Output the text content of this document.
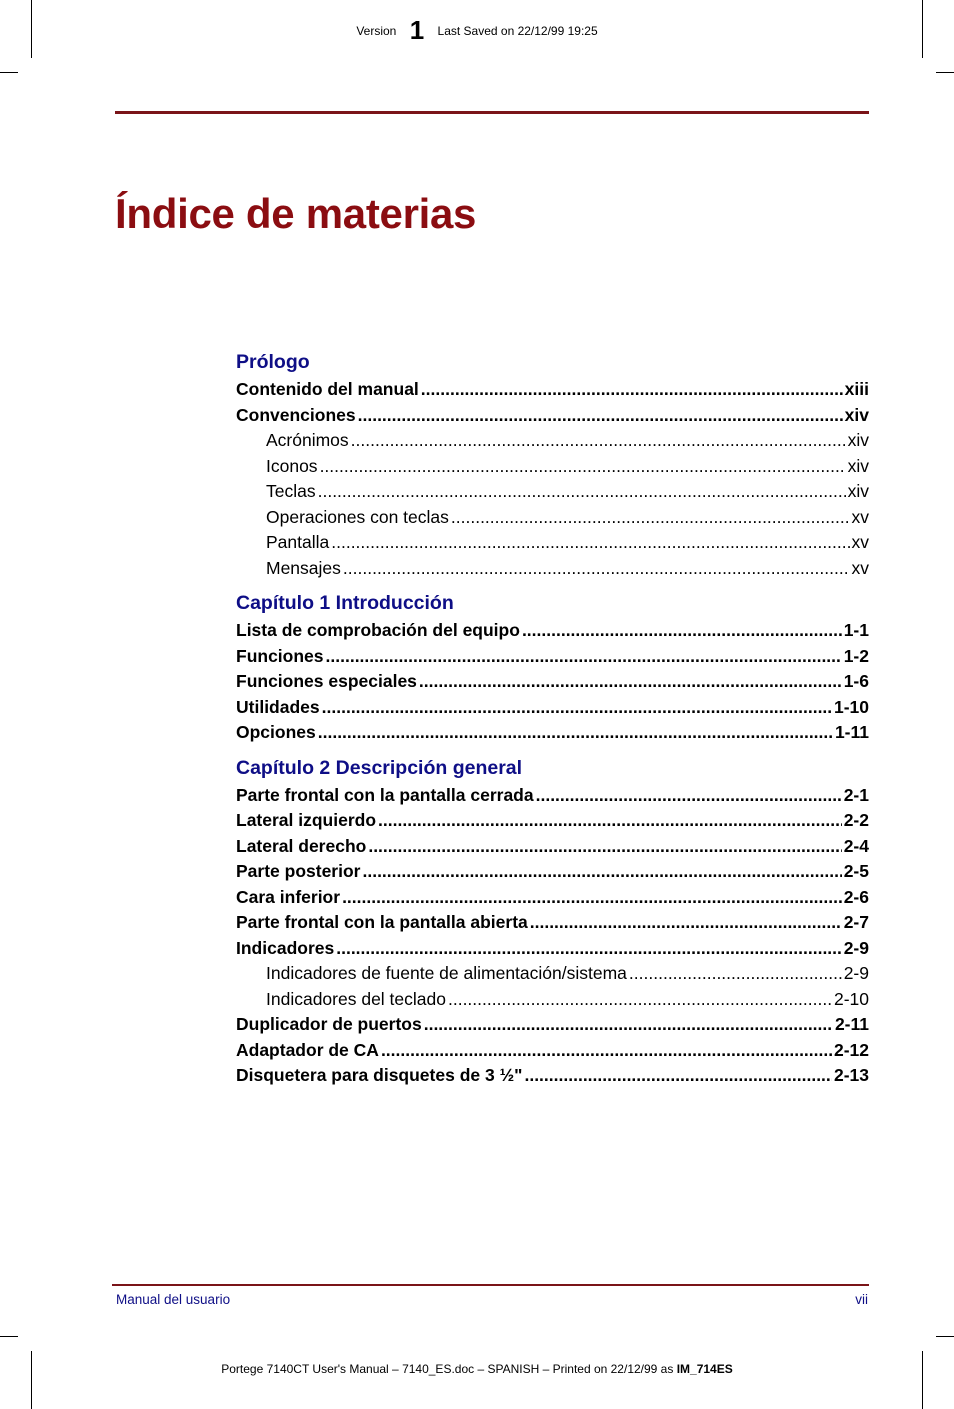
Version 1 Last Saved on 22/12/99 19:25
Índice de materias
Prólogo
Contenido del manual .....	xiii
Convenciones .....	xiv
Acrónimos .....	xiv
Iconos .....	xiv
Teclas .....	xiv
Operaciones con teclas .....	xv
Pantalla .....	xv
Mensajes .....	xv
Capítulo 1 Introducción
Lista de comprobación del equipo .....	1-1
Funciones .....	1-2
Funciones especiales .....	1-6
Utilidades .....	1-10
Opciones .....	1-11
Capítulo 2 Descripción general
Parte frontal con la pantalla cerrada .....	2-1
Lateral izquierdo .....	2-2
Lateral derecho .....	2-4
Parte posterior .....	2-5
Cara inferior .....	2-6
Parte frontal con la pantalla abierta .....	2-7
Indicadores .....	2-9
Indicadores de fuente de alimentación/sistema .....	2-9
Indicadores del teclado .....	2-10
Duplicador de puertos .....	2-11
Adaptador de CA .....	2-12
Disquetera para disquetes de 3 ½" .....	2-13
Manual del usuario	vii
Portege 7140CT User's Manual – 7140_ES.doc – SPANISH – Printed on 22/12/99 as IM_714ES
